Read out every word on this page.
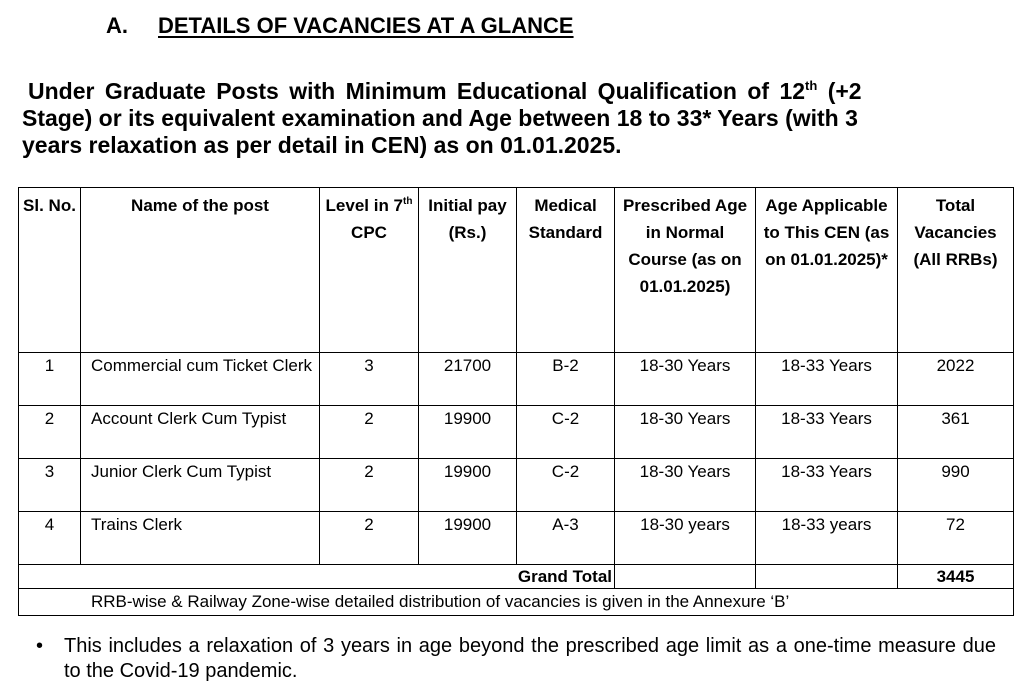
A. DETAILS OF VACANCIES AT A GLANCE
Under Graduate Posts with Minimum Educational Qualification of 12th (+2
Stage) or its equivalent examination and Age between 18 to 33* Years (with 3
years relaxation as per detail in CEN) as on 01.01.2025.
Sl. No.	Name of the post	Level in 7th CPC	Initial pay (Rs.)	Medical Standard	Prescribed Age in Normal Course (as on 01.01.2025)	Age Applicable to This CEN (as on 01.01.2025)*	Total Vacancies (All RRBs)
1	Commercial cum Ticket Clerk	3	21700	B-2	18-30 Years	18-33 Years	2022
2	Account Clerk Cum Typist	2	19900	C-2	18-30 Years	18-33 Years	361
3	Junior Clerk Cum Typist	2	19900	C-2	18-30 Years	18-33 Years	990
4	Trains Clerk	2	19900	A-3	18-30 years	18-33 years	72
Grand Total							3445
RRB-wise & Railway Zone-wise detailed distribution of vacancies is given in the Annexure ‘B’							
•	This includes a relaxation of 3 years in age beyond the prescribed age limit as a one-time measure due to the Covid-19 pandemic.
